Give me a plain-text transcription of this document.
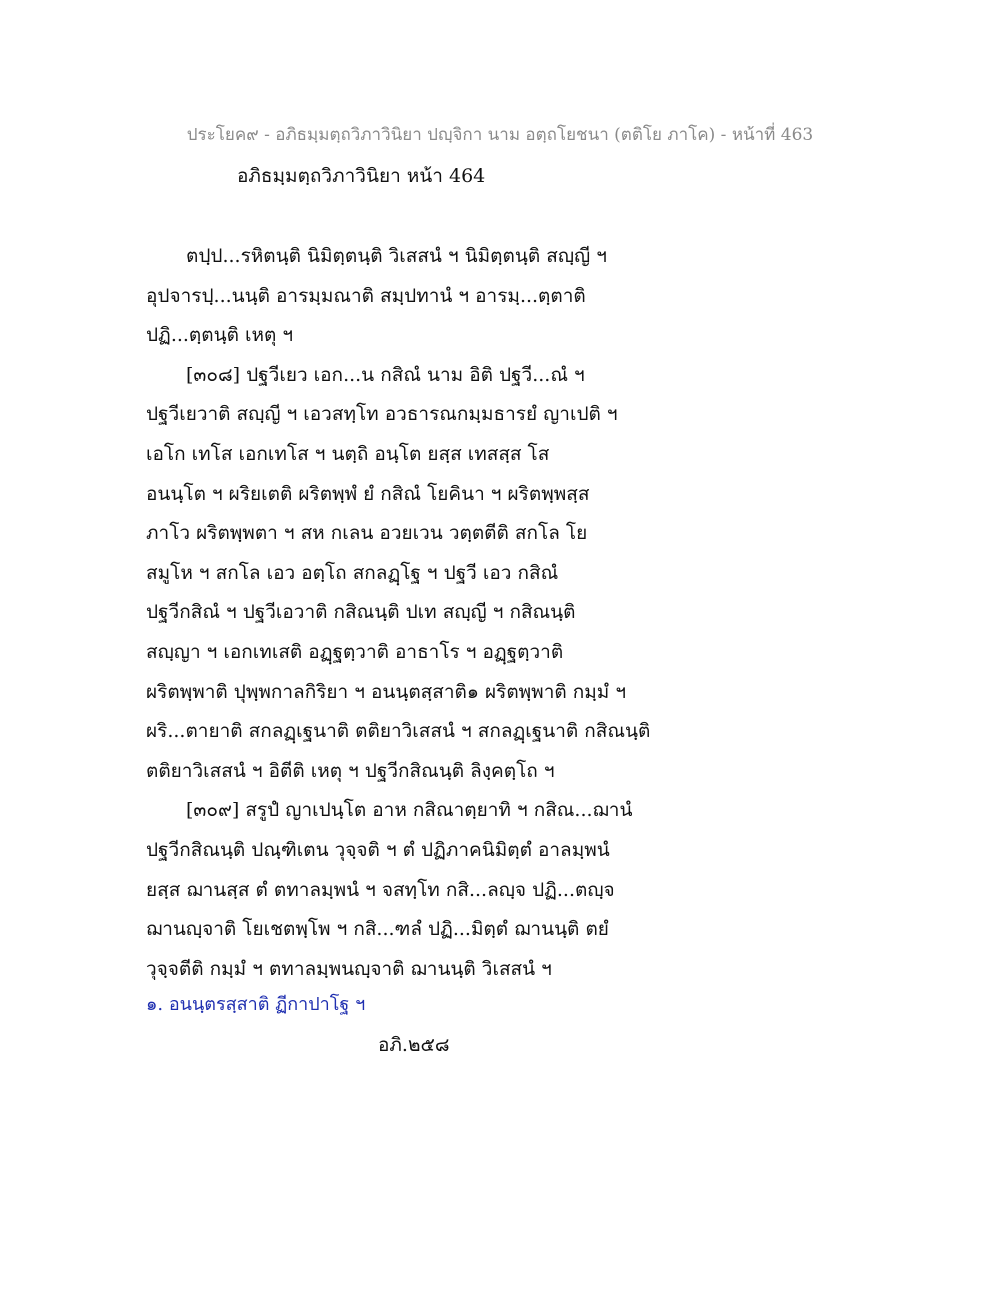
ประโยค๙ - อภิธมฺมตฺถวิภาวินิยา ปญฺจิกา นาม อตฺถโยชนา (ตติโย ภาโค) - หน้าที่ 463
อภิธมฺมตฺถวิภาวินิยา หน้า 464
ตปฺป...รหิตนฺติ นิมิตฺตนฺติ วิเสสนํ ฯ นิมิตฺตนฺติ สญฺญี ฯ
อุปจารปฺ...นนฺติ อารมฺมณาติ สมฺปทานํ ฯ อารมฺ...ตฺตาติ
ปฏิ...ตฺตนฺติ เหตุ ฯ
[๓๐๘] ปฐวีเยว เอก...น กสิณํ นาม อิติ ปฐวี...ณํ ฯ
ปฐวีเยวาติ สญฺญี ฯ เอวสทฺโท อวธารณกมฺมธารยํ ญาเปติ ฯ
เอโก เทโส เอกเทโส ฯ นตฺถิ อนฺโต ยสฺส เทสสฺส โส
อนนฺโต ฯ ผริยเตติ ผริตพฺพํ ยํ กสิณํ โยคินา ฯ ผริตพฺพสฺส
ภาโว ผริตพฺพตา ฯ สห กเลน อวยเวน วตฺตตีติ สกโล โย
สมูโห ฯ สกโล เอว อตฺโถ สกลฏฺโฐ ฯ ปฐวี เอว กสิณํ
ปฐวีกสิณํ ฯ ปฐวีเอวาติ กสิณนฺติ ปเท สญฺญี ฯ กสิณนฺติ
สญฺญา ฯ เอกเทเสติ อฏฺฐตฺวาติ อาธาโร ฯ อฏฺฐตฺวาติ
ผริตพฺพาติ ปุพฺพกาลกิริยา ฯ อนนฺตสฺสาติ๑ ผริตพฺพาติ กมฺมํ ฯ
ผริ...ตายาติ สกลฏฺเฐนาติ ตติยาวิเสสนํ ฯ สกลฏฺเฐนาติ กสิณนฺติ
ตติยาวิเสสนํ ฯ อิตีติ เหตุ ฯ ปฐวีกสิณนฺติ ลิงฺคตฺโถ ฯ
[๓๐๙] สรูปํ ญาเปนฺโต อาห กสิณาตฺยาทิ ฯ กสิณ...ฌานํ
ปฐวีกสิณนฺติ ปณฺฑิเตน วุจฺจติ ฯ ตํ ปฏิภาคนิมิตฺตํ อาลมฺพนํ
ยสฺส ฌานสฺส ตํ ตทาลมฺพนํ ฯ จสทฺโท กสิ...ลญฺจ ปฏิ...ตญฺจ
ฌานญฺจาติ โยเชตพฺโพ ฯ กสิ...ฑลํ ปฏิ...มิตฺตํ ฌานนฺติ ตยํ
วุจฺจตีติ กมฺมํ ฯ ตทาลมฺพนญฺจาติ ฌานนฺติ วิเสสนํ ฯ
๑. อนนฺตรสฺสาติ ฏีกาปาโฐ ฯ
อภิ.๒๕๘
